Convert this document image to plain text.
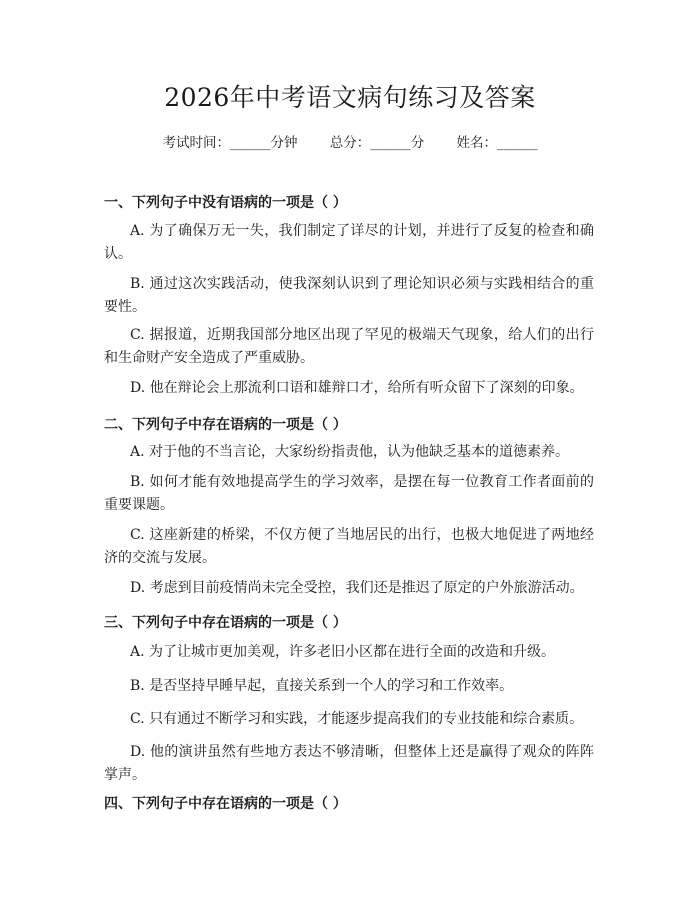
2026年中考语文病句练习及答案
考试时间：______分钟 总分：______分 姓名：______
一、下列句子中没有语病的一项是（ ）
A. 为了确保万无一失，我们制定了详尽的计划，并进行了反复的检查和确认。
B. 通过这次实践活动，使我深刻认识到了理论知识必须与实践相结合的重要性。
C. 据报道，近期我国部分地区出现了罕见的极端天气现象，给人们的出行和生命财产安全造成了严重威胁。
D. 他在辩论会上那流利口语和雄辩口才，给所有听众留下了深刻的印象。
二、下列句子中存在语病的一项是（ ）
A. 对于他的不当言论，大家纷纷指责他，认为他缺乏基本的道德素养。
B. 如何才能有效地提高学生的学习效率，是摆在每一位教育工作者面前的重要课题。
C. 这座新建的桥梁，不仅方便了当地居民的出行，也极大地促进了两地经济的交流与发展。
D. 考虑到目前疫情尚未完全受控，我们还是推迟了原定的户外旅游活动。
三、下列句子中存在语病的一项是（ ）
A. 为了让城市更加美观，许多老旧小区都在进行全面的改造和升级。
B. 是否坚持早睡早起，直接关系到一个人的学习和工作效率。
C. 只有通过不断学习和实践，才能逐步提高我们的专业技能和综合素质。
D. 他的演讲虽然有些地方表达不够清晰，但整体上还是赢得了观众的阵阵掌声。
四、下列句子中存在语病的一项是（ ）
